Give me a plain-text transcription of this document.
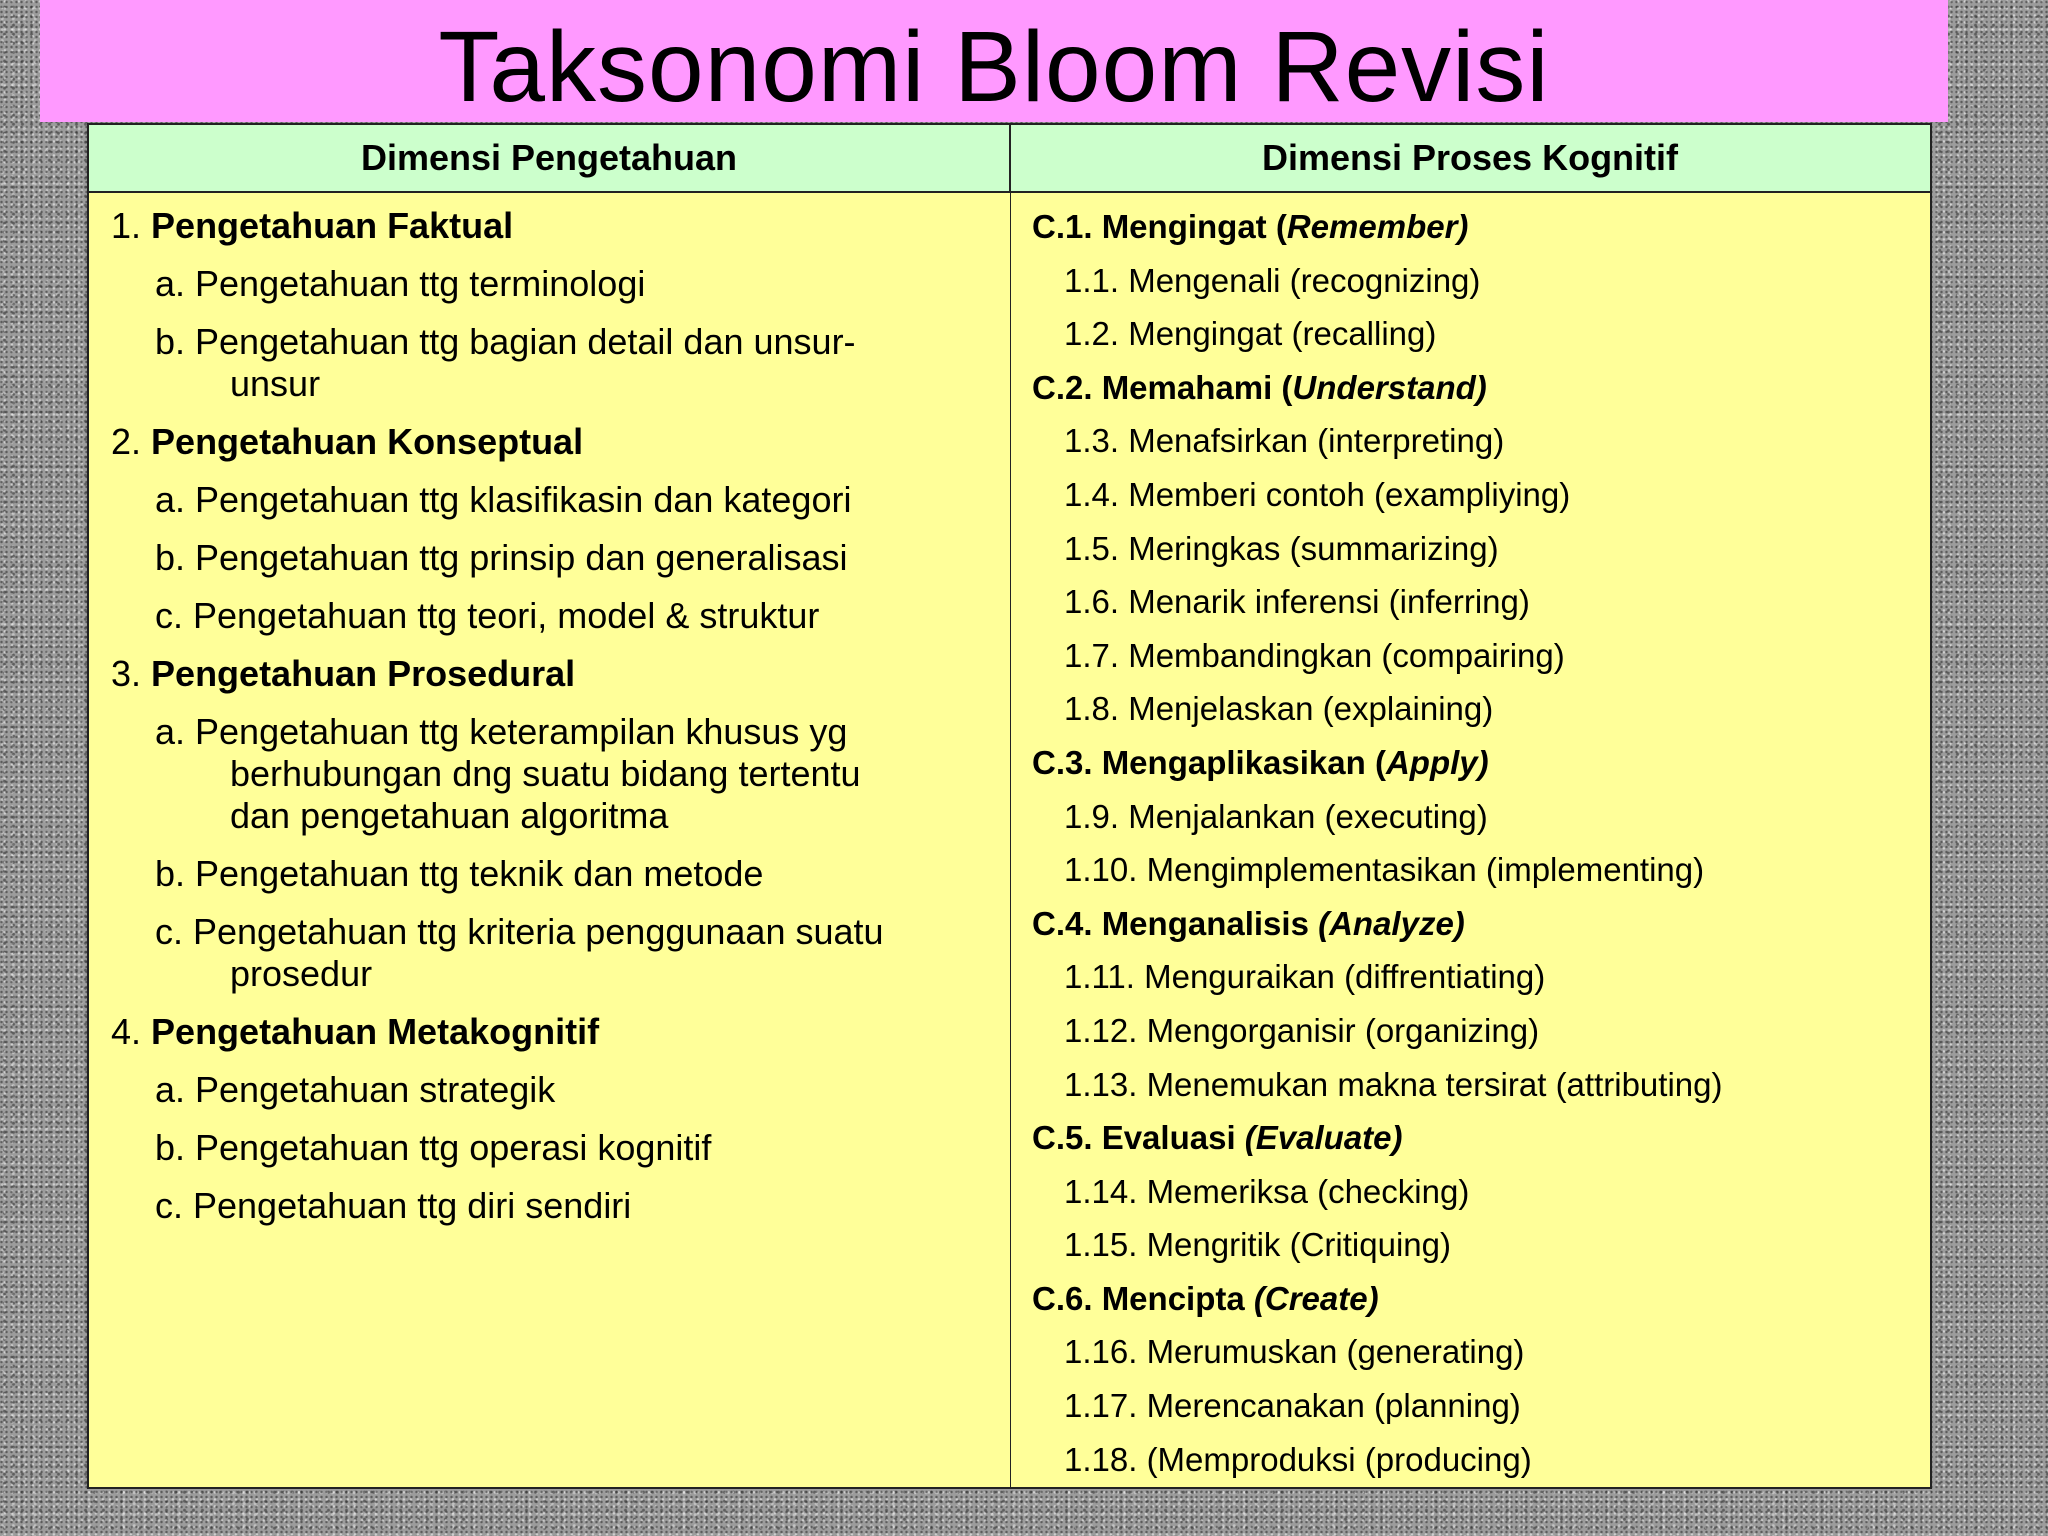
Taksonomi Bloom Revisi
Dimensi Pengetahuan	Dimensi Proses Kognitif
1. Pengetahuan Faktual
a. Pengetahuan ttg terminologi
b. Pengetahuan ttg bagian detail dan unsur-
unsur
2. Pengetahuan Konseptual
a. Pengetahuan ttg klasifikasin dan kategori
b. Pengetahuan ttg prinsip dan generalisasi
c. Pengetahuan ttg teori, model & struktur
3. Pengetahuan Prosedural
a. Pengetahuan ttg keterampilan khusus yg
berhubungan dng suatu bidang tertentu
dan pengetahuan algoritma
b. Pengetahuan ttg teknik dan metode
c. Pengetahuan ttg kriteria penggunaan suatu
prosedur
4. Pengetahuan Metakognitif
a. Pengetahuan strategik
b. Pengetahuan ttg operasi kognitif
c. Pengetahuan ttg diri sendiri
C.1. Mengingat (Remember)
1.1. Mengenali (recognizing)
1.2. Mengingat (recalling)
C.2. Memahami (Understand)
1.3. Menafsirkan (interpreting)
1.4. Memberi contoh (exampliying)
1.5. Meringkas (summarizing)
1.6. Menarik inferensi (inferring)
1.7. Membandingkan (compairing)
1.8. Menjelaskan (explaining)
C.3. Mengaplikasikan (Apply)
1.9. Menjalankan (executing)
1.10. Mengimplementasikan (implementing)
C.4. Menganalisis (Analyze)
1.11. Menguraikan (diffrentiating)
1.12. Mengorganisir (organizing)
1.13. Menemukan makna tersirat (attributing)
C.5. Evaluasi (Evaluate)
1.14. Memeriksa (checking)
1.15. Mengritik (Critiquing)
C.6. Mencipta (Create)
1.16. Merumuskan (generating)
1.17. Merencanakan (planning)
1.18. (Memproduksi (producing)
